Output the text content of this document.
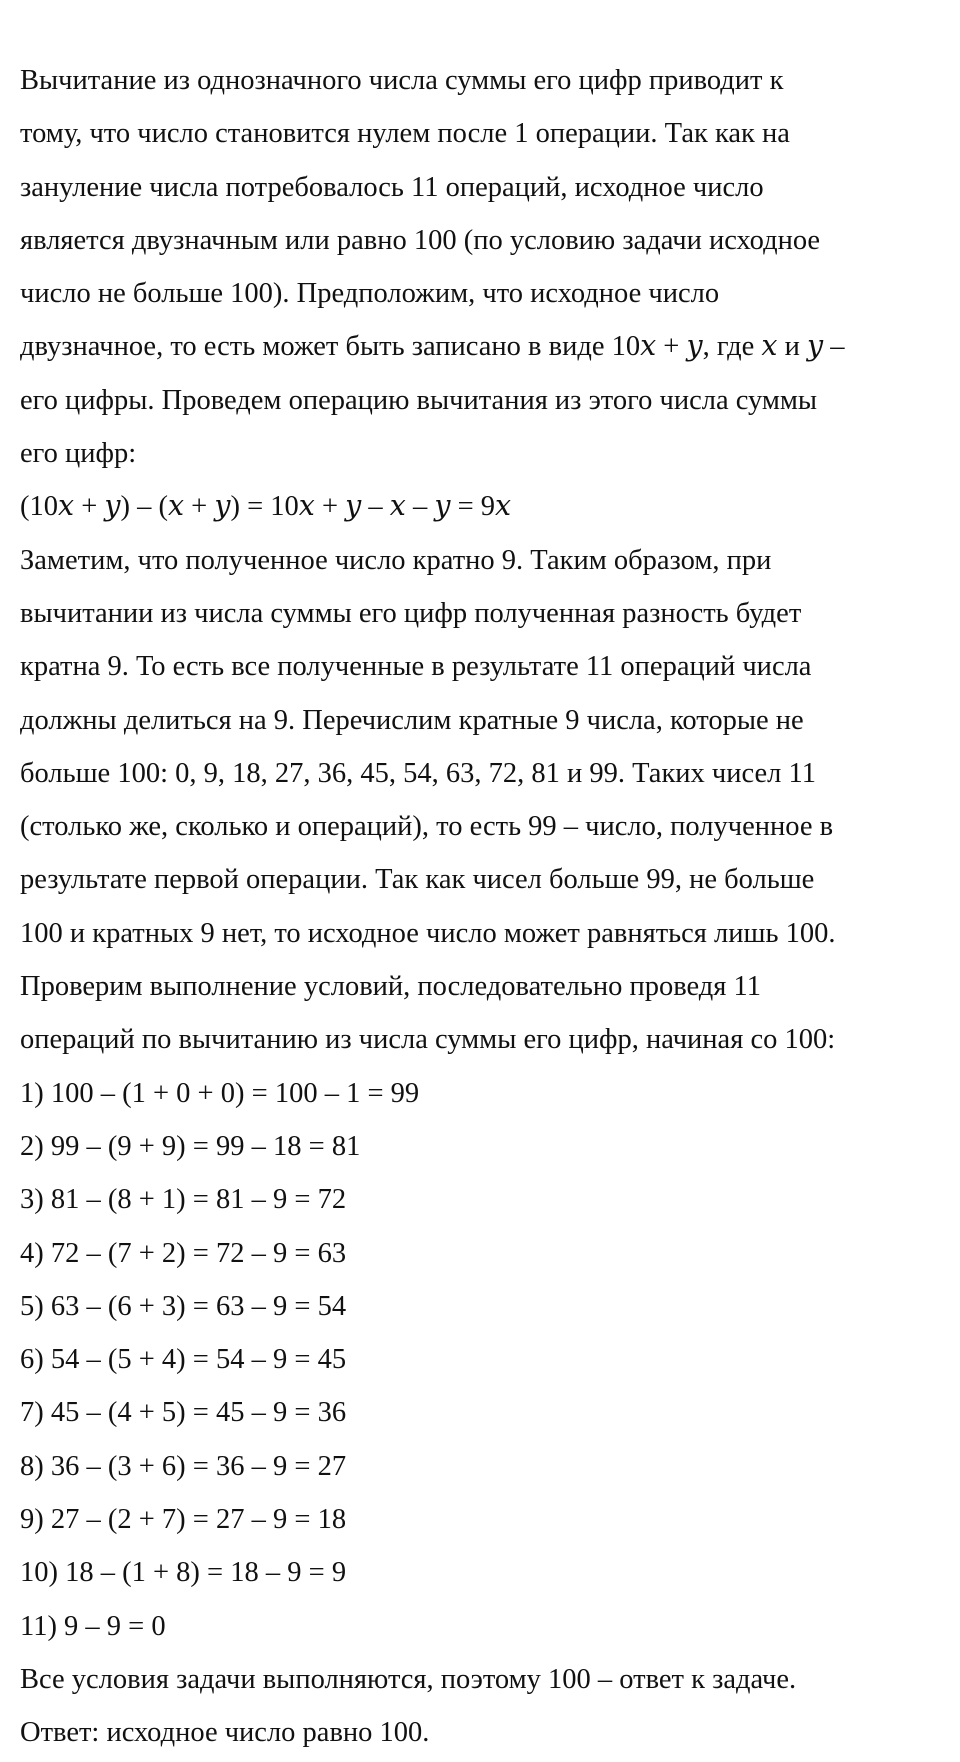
Вычитание из однозначного числа суммы его цифр приводит к
тому, что число становится нулем после 1 операции. Так как на
зануление числа потребовалось 11 операций, исходное число
является двузначным или равно 100 (по условию задачи исходное
число не больше 100). Предположим, что исходное число
двузначное, то есть может быть записано в виде 10𝑥 + 𝑦, где 𝑥 и 𝑦 –
его цифры. Проведем операцию вычитания из этого числа суммы
его цифр:
(10𝑥 + 𝑦) – (𝑥 + 𝑦) = 10𝑥 + 𝑦 – 𝑥 – 𝑦 = 9𝑥
Заметим, что полученное число кратно 9. Таким образом, при
вычитании из числа суммы его цифр полученная разность будет
кратна 9. То есть все полученные в результате 11 операций числа
должны делиться на 9. Перечислим кратные 9 числа, которые не
больше 100: 0, 9, 18, 27, 36, 45, 54, 63, 72, 81 и 99. Таких чисел 11
(столько же, сколько и операций), то есть 99 – число, полученное в
результате первой операции. Так как чисел больше 99, не больше
100 и кратных 9 нет, то исходное число может равняться лишь 100.
Проверим выполнение условий, последовательно проведя 11
операций по вычитанию из числа суммы его цифр, начиная со 100:
1) 100 – (1 + 0 + 0) = 100 – 1 = 99
2) 99 – (9 + 9) = 99 – 18 = 81
3) 81 – (8 + 1) = 81 – 9 = 72
4) 72 – (7 + 2) = 72 – 9 = 63
5) 63 – (6 + 3) = 63 – 9 = 54
6) 54 – (5 + 4) = 54 – 9 = 45
7) 45 – (4 + 5) = 45 – 9 = 36
8) 36 – (3 + 6) = 36 – 9 = 27
9) 27 – (2 + 7) = 27 – 9 = 18
10) 18 – (1 + 8) = 18 – 9 = 9
11) 9 – 9 = 0
Все условия задачи выполняются, поэтому 100 – ответ к задаче.
Ответ: исходное число равно 100.
